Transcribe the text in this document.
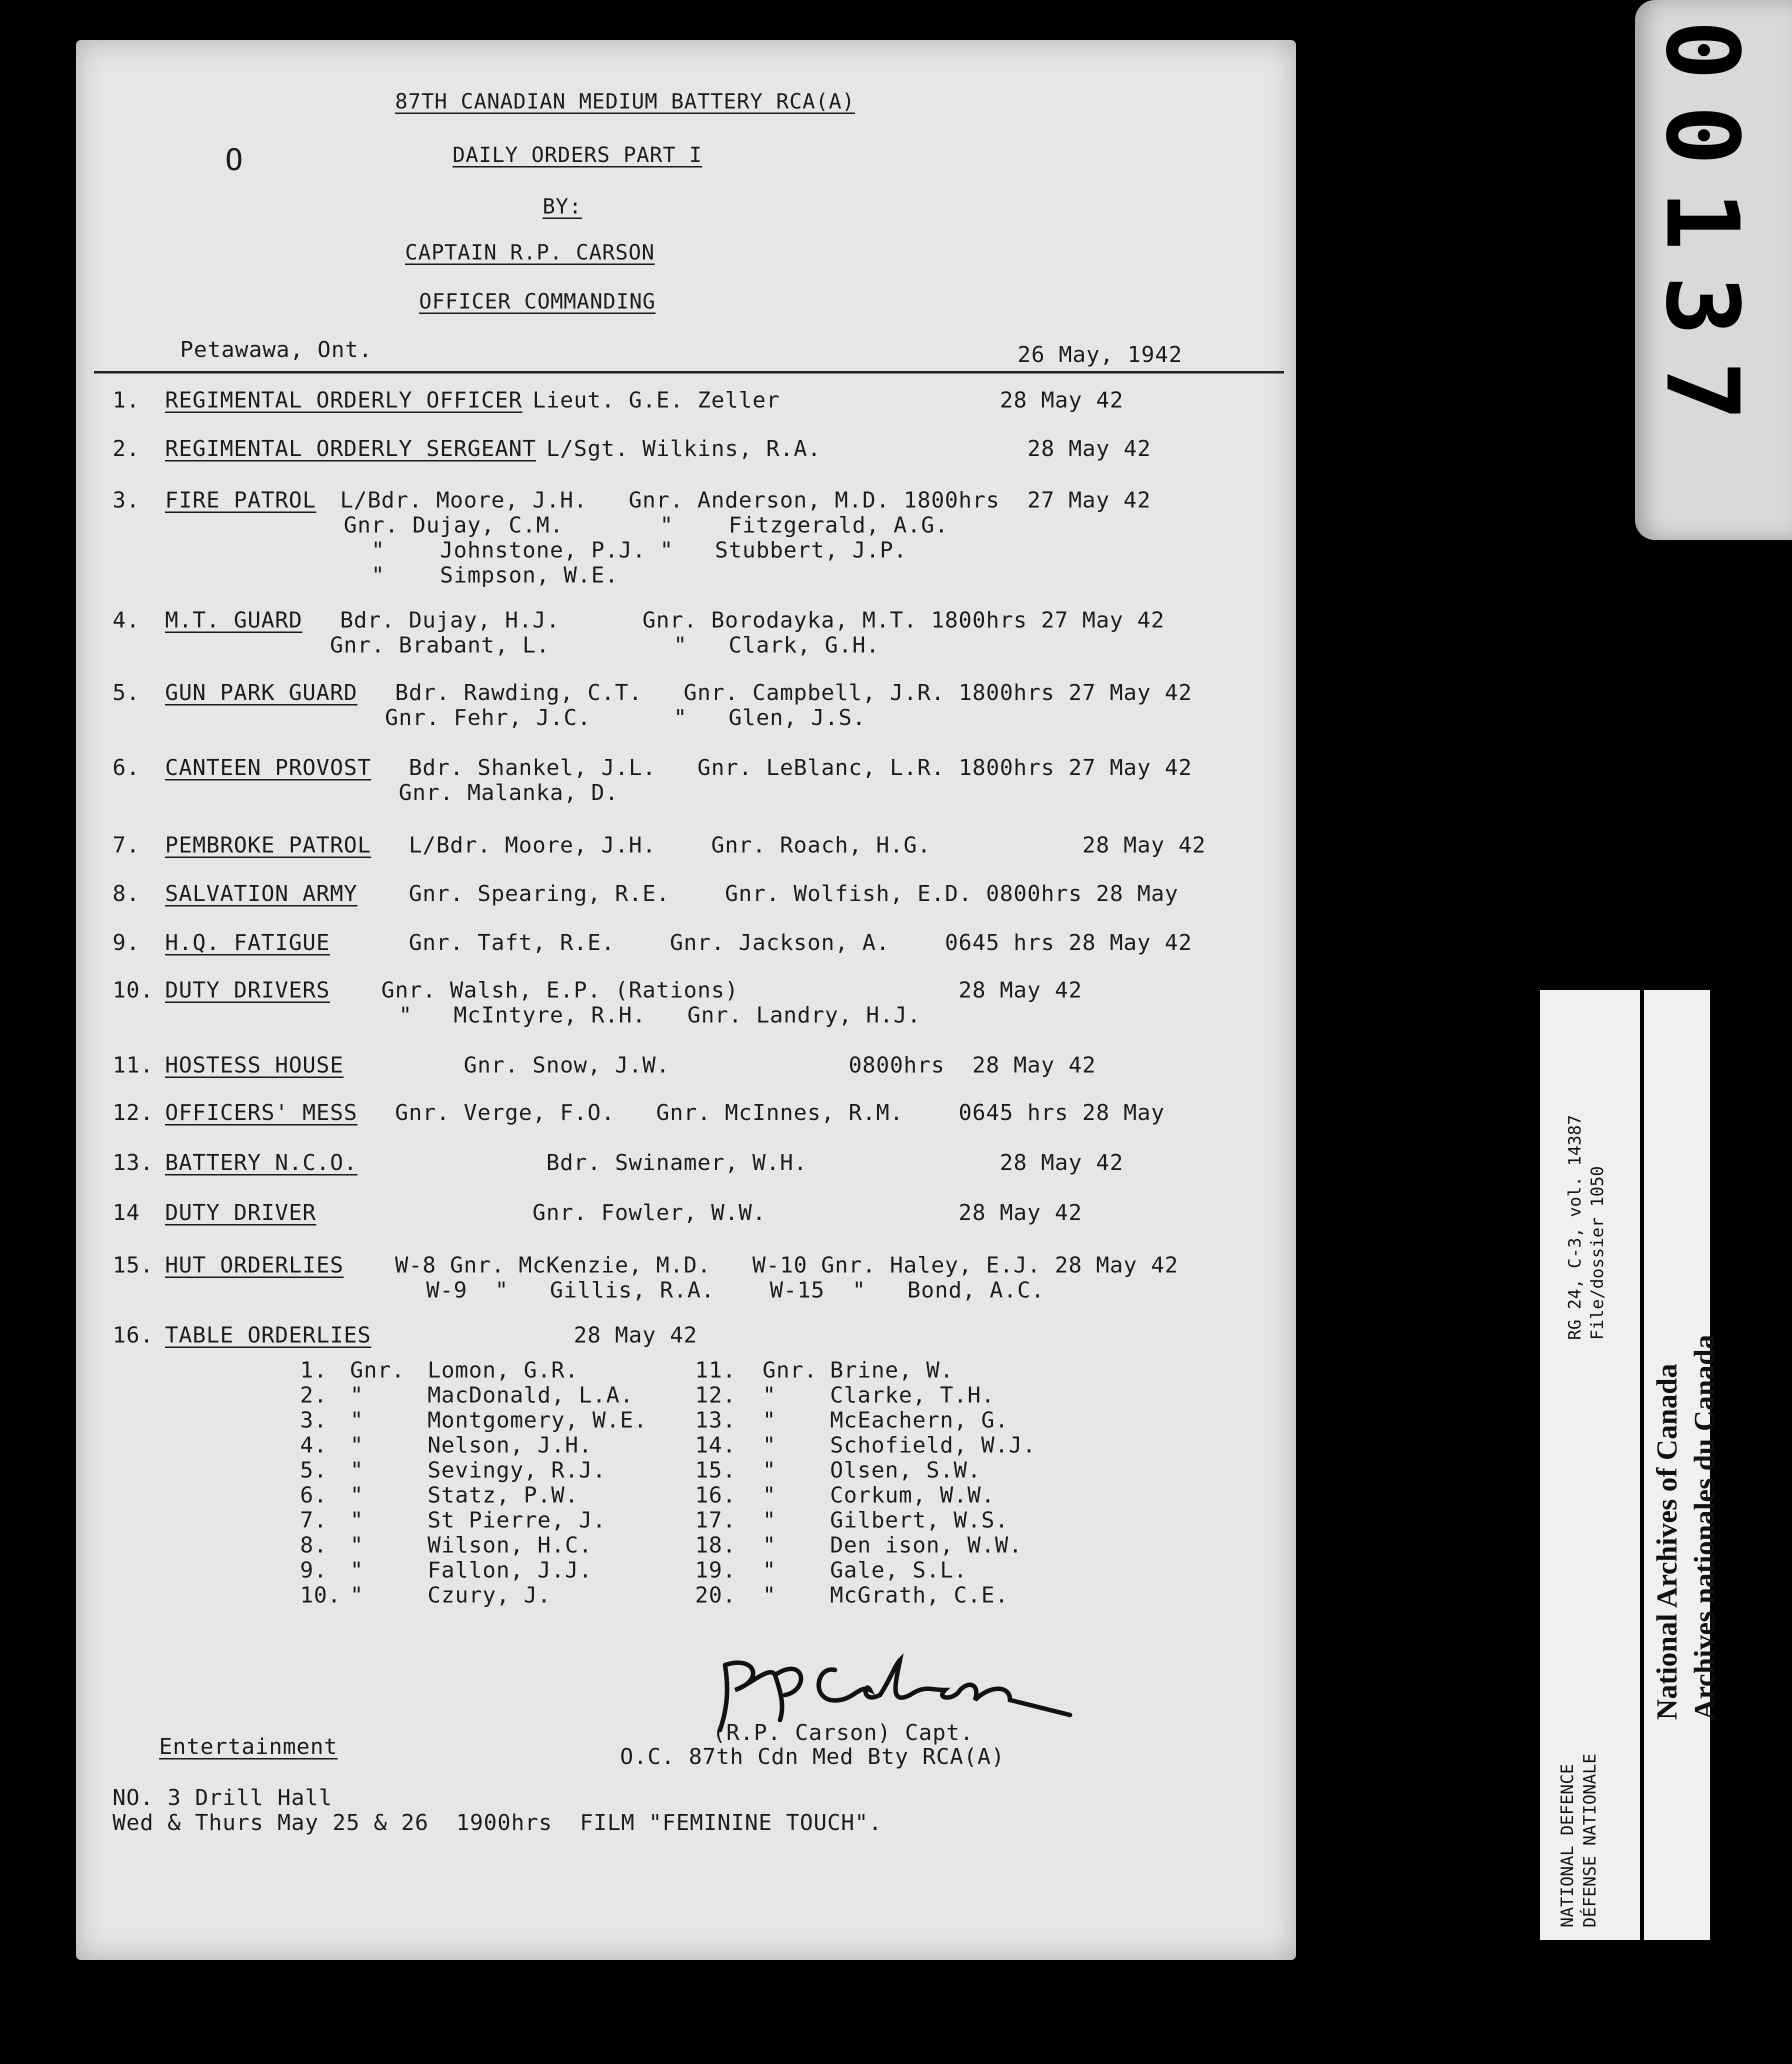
87TH CANADIAN MEDIUM BATTERY RCA(A)
O	DAILY ORDERS PART I
BY:
CAPTAIN R.P. CARSON
OFFICER COMMANDING
Petawawa, Ont.	26 May, 1942
1. REGIMENTAL ORDERLY OFFICER Lieut. G.E. Zeller                28 May 42
2. REGIMENTAL ORDERLY SERGEANT L/Sgt. Wilkins, R.A.               28 May 42
3. FIRE PATROL L/Bdr. Moore, J.H.   Gnr. Anderson, M.D. 1800hrs  27 May 42
Gnr. Dujay, C.M.       "    Fitzgerald, A.G.
"    Johnstone, P.J. "   Stubbert, J.P.
"    Simpson, W.E.
4. M.T. GUARD Bdr. Dujay, H.J.      Gnr. Borodayka, M.T. 1800hrs 27 May 42
Gnr. Brabant, L.         "   Clark, G.H.
5. GUN PARK GUARD Bdr. Rawding, C.T.   Gnr. Campbell, J.R. 1800hrs 27 May 42
Gnr. Fehr, J.C.      "   Glen, J.S.
6. CANTEEN PROVOST Bdr. Shankel, J.L.   Gnr. LeBlanc, L.R. 1800hrs 27 May 42
Gnr. Malanka, D.
7. PEMBROKE PATROL L/Bdr. Moore, J.H.    Gnr. Roach, H.G.           28 May 42
8. SALVATION ARMY Gnr. Spearing, R.E.    Gnr. Wolfish, E.D. 0800hrs 28 May
9. H.Q. FATIGUE Gnr. Taft, R.E.    Gnr. Jackson, A.    0645 hrs 28 May 42
10. DUTY DRIVERS Gnr. Walsh, E.P. (Rations)                28 May 42
"   McIntyre, R.H.   Gnr. Landry, H.J.
11. HOSTESS HOUSE Gnr. Snow, J.W.             0800hrs  28 May 42
12. OFFICERS' MESS Gnr. Verge, F.O.   Gnr. McInnes, R.M.    0645 hrs 28 May
13. BATTERY N.C.O. Bdr. Swinamer, W.H.              28 May 42
14 DUTY DRIVER Gnr. Fowler, W.W.              28 May 42
15. HUT ORDERLIES W-8 Gnr. McKenzie, M.D.   W-10 Gnr. Haley, E.J. 28 May 42
W-9  "   Gillis, R.A.    W-15  "   Bond, A.C.
16. TABLE ORDERLIES 28 May 42
1. Gnr. Lomon, G.R.	11. Gnr. Brine, W.
2. "	MacDonald, L.A.	12. " Clarke, T.H.
3. "	Montgomery, W.E. 13. " McEachern, G.
4. "	Nelson, J.H.	14. " Schofield, W.J.
5. "	Sevingy, R.J.	15. " Olsen, S.W.
6. "	Statz, P.W.	16. " Corkum, W.W.
7. "	St Pierre, J.	17. " Gilbert, W.S.
8. "	Wilson, H.C.	18. " Den ison, W.W.
9. "	Fallon, J.J.	19. " Gale, S.L.
10. "	Czury, J.	20. " McGrath, C.E.
(R.P. Carson) Capt.
O.C. 87th Cdn Med Bty RCA(A)
Entertainment
NO. 3 Drill Hall
Wed & Thurs May 25 & 26  1900hrs  FILM "FEMININE TOUCH".
00137
NATIONAL DEFENCE DÉFENSE NATIONALE
RG 24, C-3, vol. 14387 File/dossier 1050
National Archives of Canada Archives nationales du Canada
